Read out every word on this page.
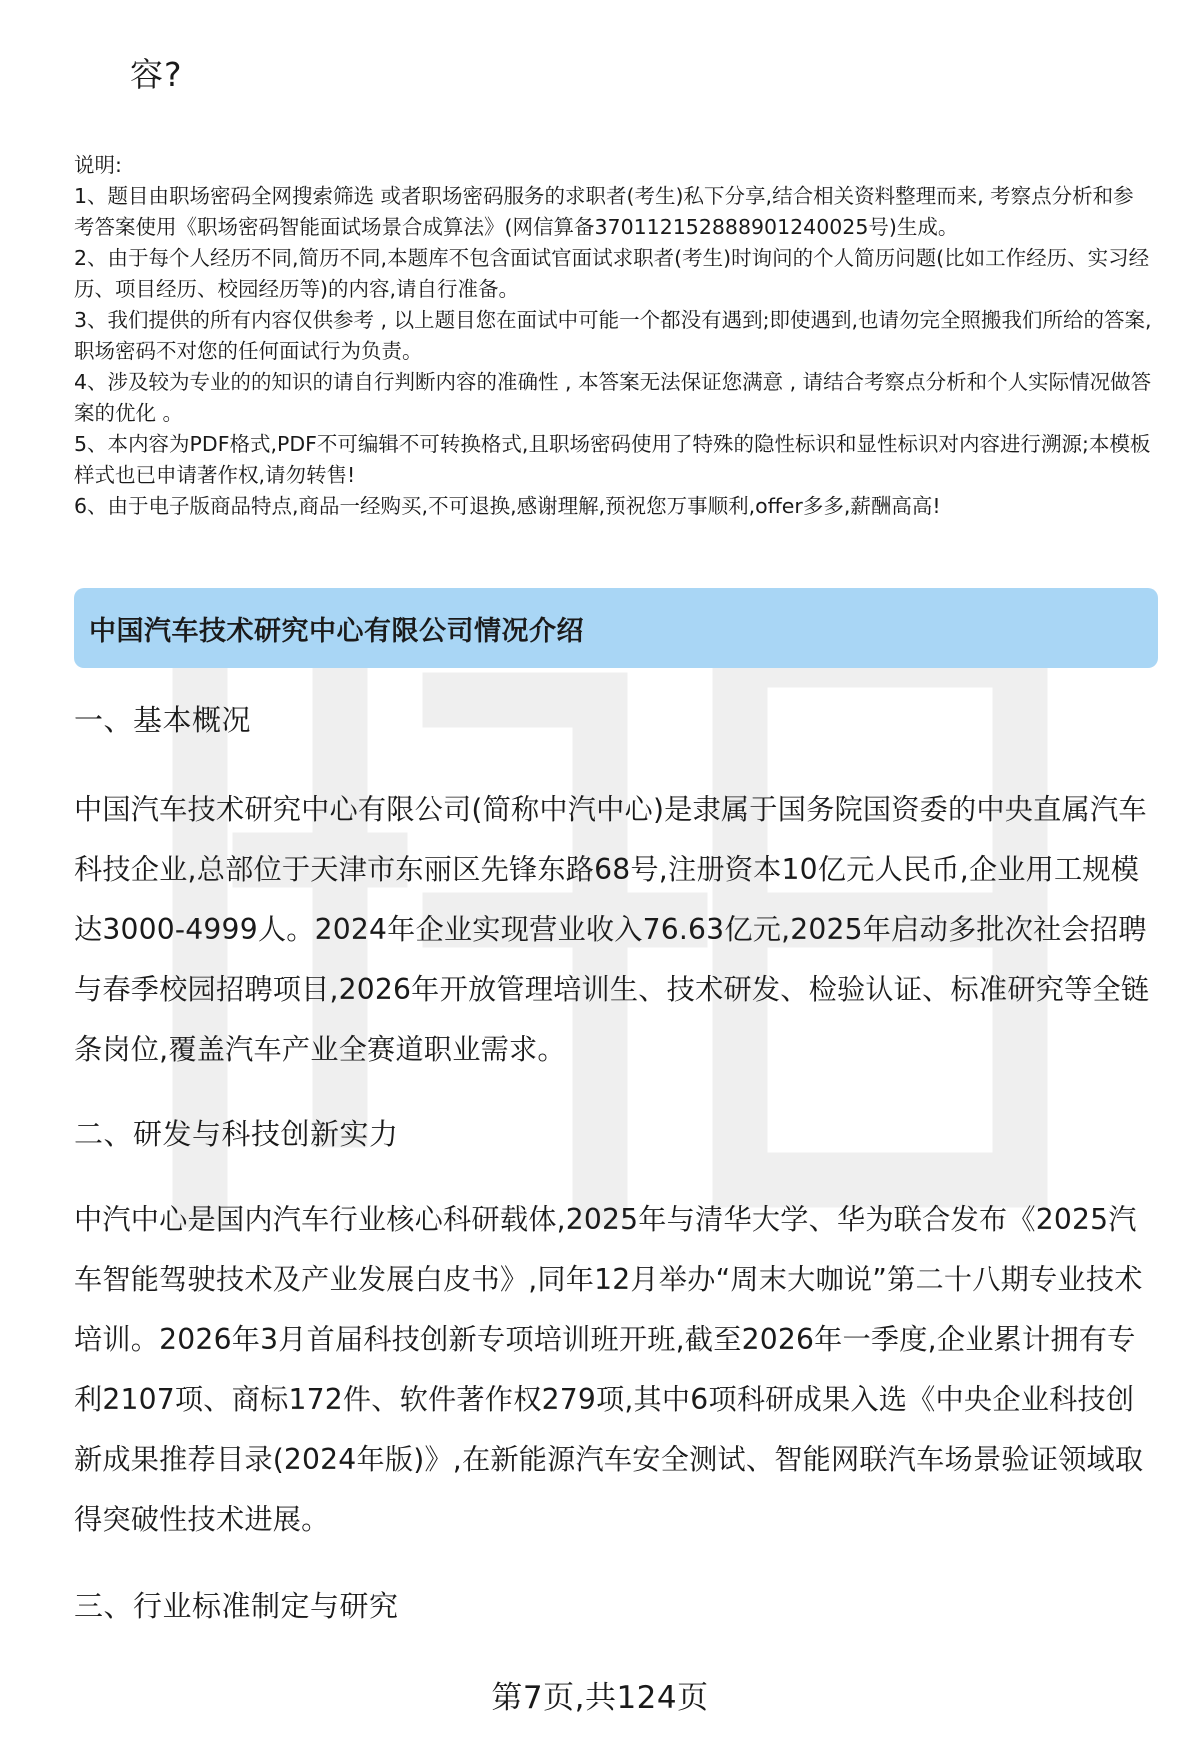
容?

说明:

1、题目由职场密码全网搜索筛选 或者职场密码服务的求职者(考生)私下分享,结合相关资料整理而来, 考察点分析和参考答案使用《职场密码智能面试场景合成算法》(网信算备370112152888901240025号)生成。

2、由于每个人经历不同,简历不同,本题库不包含面试官面试求职者(考生)时询问的个人简历问题(比如工作经历、实习经历、项目经历、校园经历等)的内容,请自行准备。

3、我们提供的所有内容仅供参考 , 以上题目您在面试中可能一个都没有遇到;即使遇到,也请勿完全照搬我们所给的答案,职场密码不对您的任何面试行为负责。

4、涉及较为专业的的知识的请自行判断内容的准确性 , 本答案无法保证您满意 , 请结合考察点分析和个人实际情况做答案的优化 。

5、本内容为PDF格式,PDF不可编辑不可转换格式,且职场密码使用了特殊的隐性标识和显性标识对内容进行溯源;本模板样式也已申请著作权,请勿转售!

6、由于电子版商品特点,商品一经购买,不可退换,感谢理解,预祝您万事顺利,offer多多,薪酬高高!

中国汽车技术研究中心有限公司情况介绍
一、基本概况

中国汽车技术研究中心有限公司(简称中汽中心)是隶属于国务院国资委的中央直属汽车科技企业,总部位于天津市东丽区先锋东路68号,注册资本10亿元人民币,企业用工规模达3000-4999人。2024年企业实现营业收入76.63亿元,2025年启动多批次社会招聘与春季校园招聘项目,2026年开放管理培训生、技术研发、检验认证、标准研究等全链条岗位,覆盖汽车产业全赛道职业需求。

二、研发与科技创新实力

中汽中心是国内汽车行业核心科研载体,2025年与清华大学、华为联合发布《2025汽车智能驾驶技术及产业发展白皮书》,同年12月举办“周末大咖说”第二十八期专业技术培训。2026年3月首届科技创新专项培训班开班,截至2026年一季度,企业累计拥有专利2107项、商标172件、软件著作权279项,其中6项科研成果入选《中央企业科技创新成果推荐目录(2024年版)》,在新能源汽车安全测试、智能网联汽车场景验证领域取得突破性技术进展。

三、行业标准制定与研究
第7页,共124页
